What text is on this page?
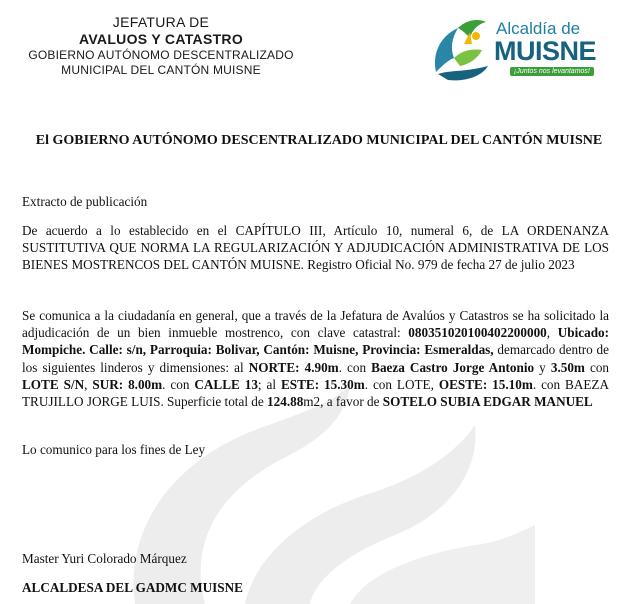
JEFATURA DE
AVALUOS Y CATASTRO
GOBIERNO AUTÓNOMO DESCENTRALIZADO
MUNICIPAL DEL CANTÓN MUISNE
Alcaldía de
MUISNE
¡Juntos nos levantamos!
El GOBIERNO AUTÓNOMO DESCENTRALIZADO MUNICIPAL DEL CANTÓN MUISNE
Extracto de publicación
De acuerdo a lo establecido en el CAPÍTULO III, Artículo 10, numeral 6, de LA ORDENANZA SUSTITUTIVA QUE NORMA LA REGULARIZACIÓN Y ADJUDICACIÓN ADMINISTRATIVA DE LOS BIENES MOSTRENCOS DEL CANTÓN MUISNE. Registro Oficial No. 979 de fecha 27 de julio 2023
Se comunica a la ciudadanía en general, que a través de la Jefatura de Avalúos y Catastros se ha solicitado la adjudicación de un bien inmueble mostrenco, con clave catastral: 080351020100402200000, Ubicado: Mompiche. Calle: s/n, Parroquia: Bolivar, Cantón: Muisne, Provincia: Esmeraldas, demarcado dentro de los siguientes linderos y dimensiones: al NORTE: 4.90m. con Baeza Castro Jorge Antonio y 3.50m con LOTE S/N, SUR: 8.00m. con CALLE 13; al ESTE: 15.30m. con LOTE, OESTE: 15.10m. con BAEZA TRUJILLO JORGE LUIS. Superficie total de 124.88m2, a favor de SOTELO SUBIA EDGAR MANUEL
Lo comunico para los fines de Ley
Master Yuri Colorado Márquez
ALCALDESA DEL GADMC MUISNE
